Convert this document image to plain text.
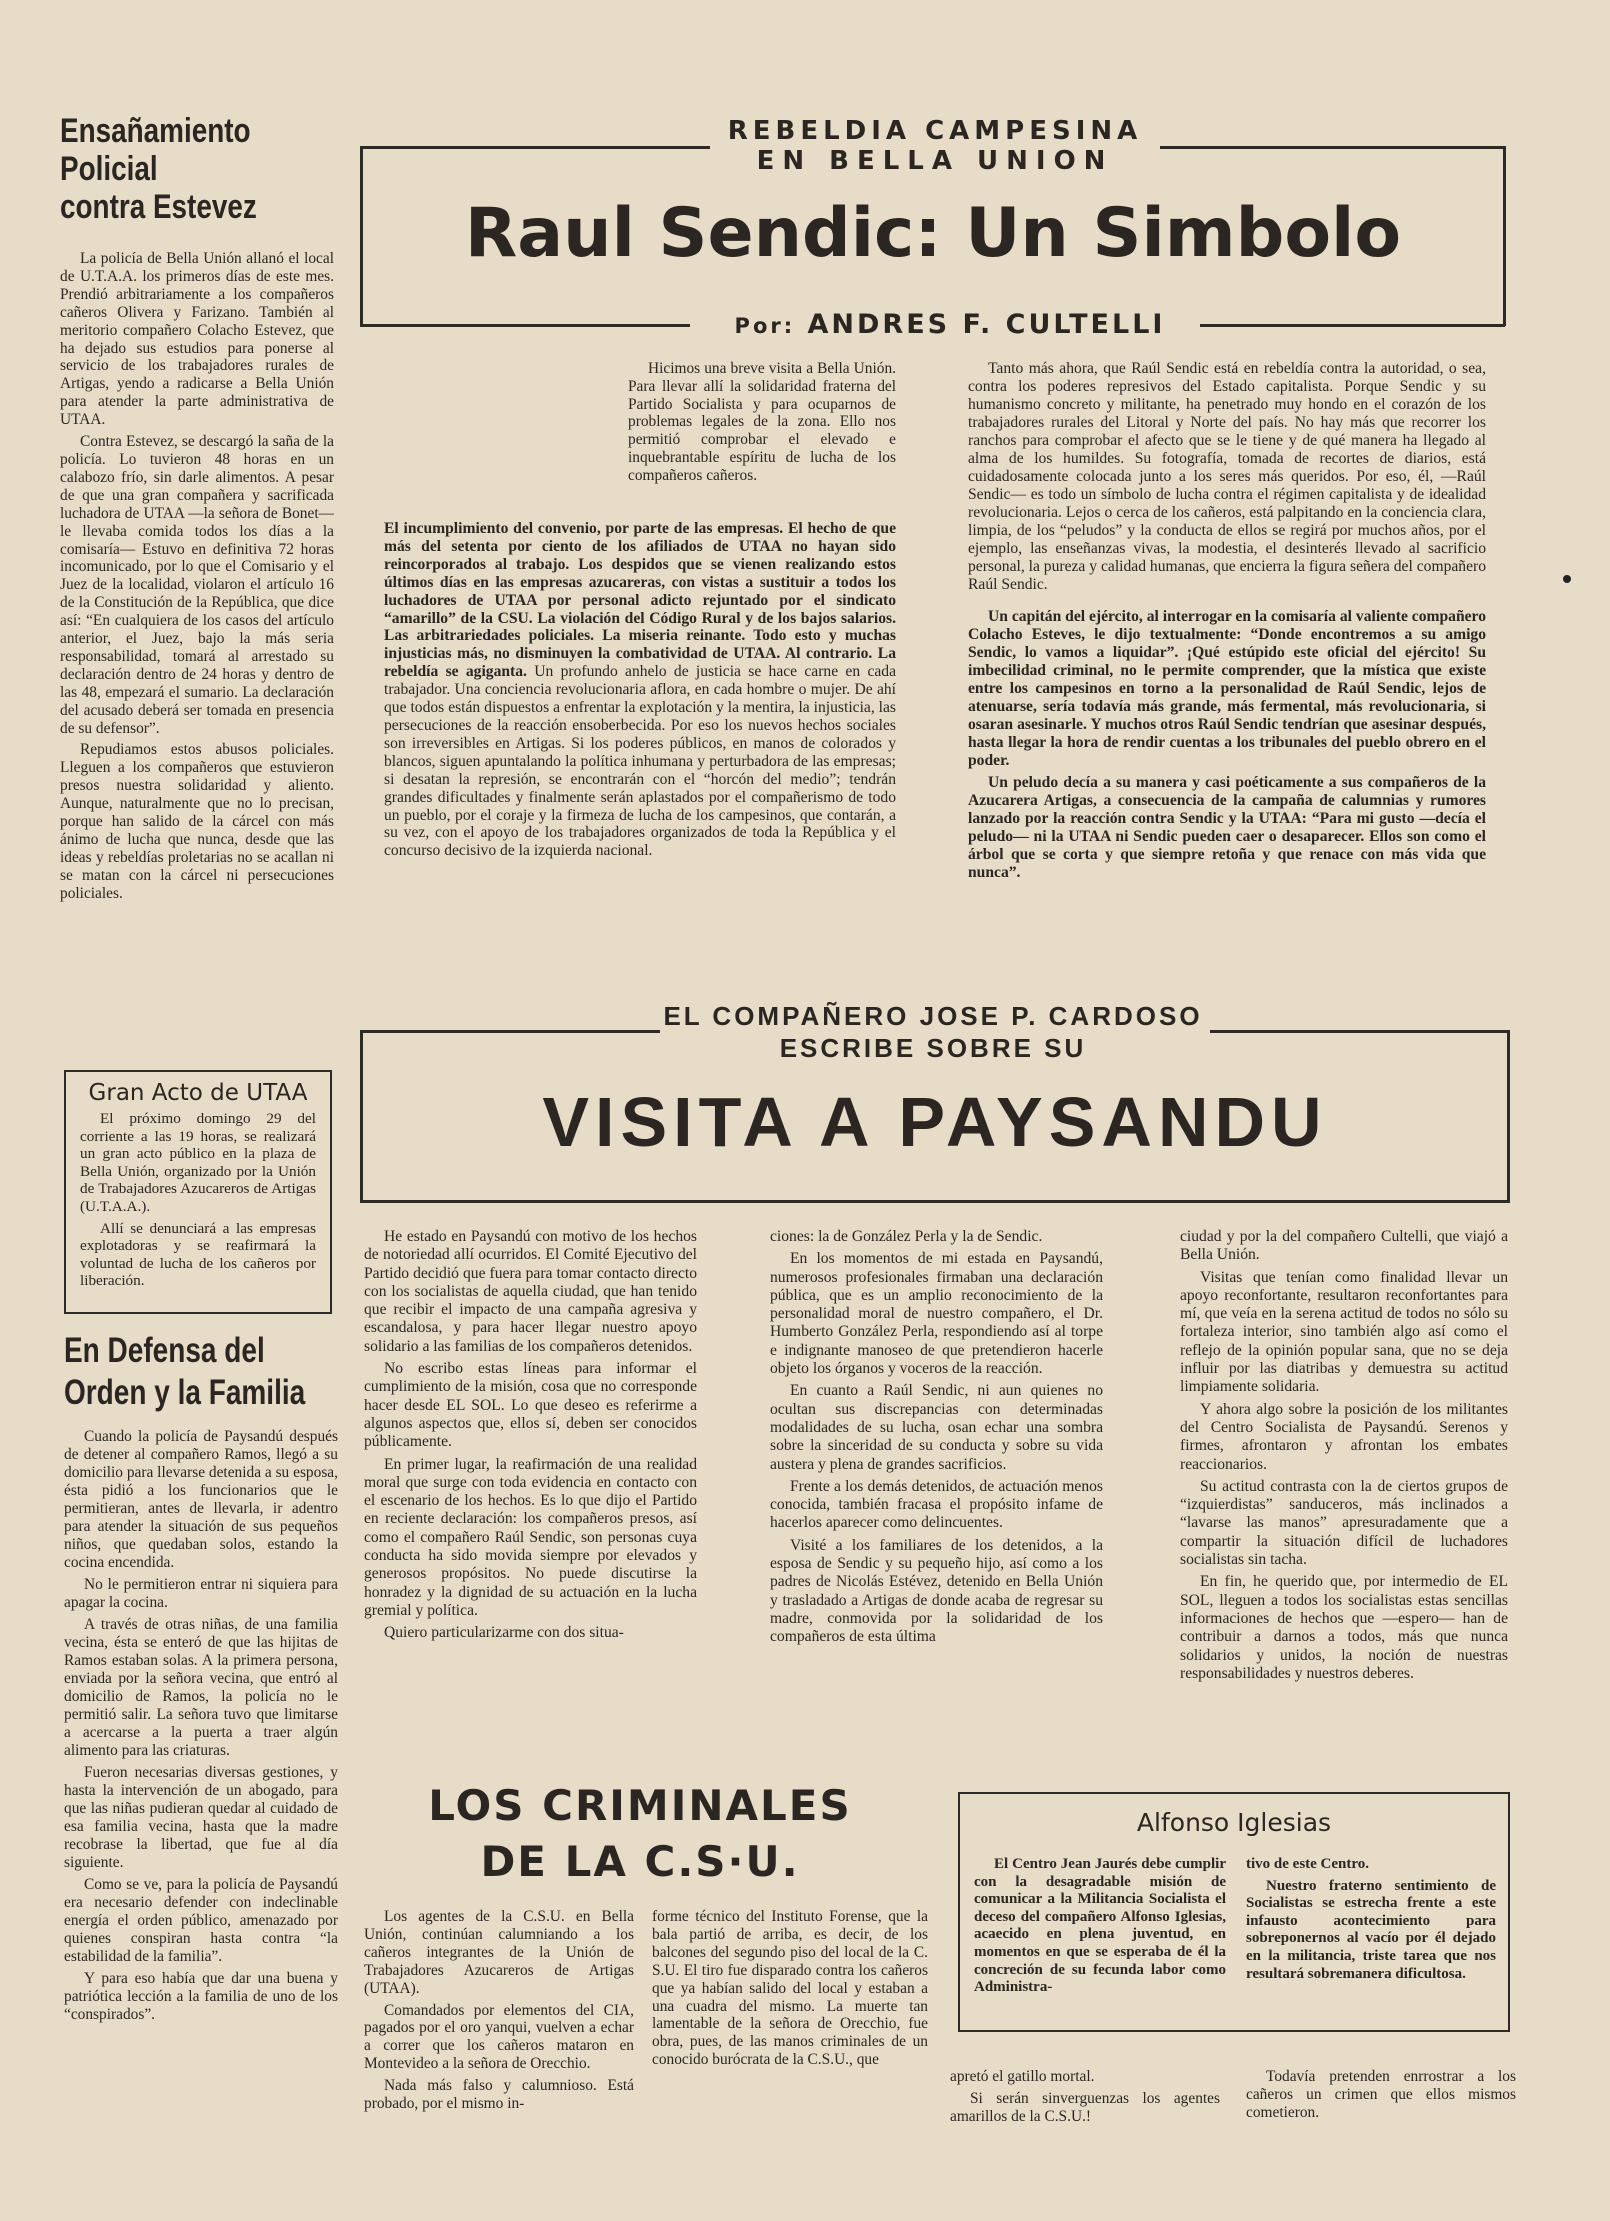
Ensañamiento
Policial
contra Estevez

La policía de Bella Unión allanó el local de U.T.A.A. los primeros días de este mes. Prendió arbitrariamente a los compañeros cañeros Olivera y Farizano. También al meritorio compañero Colacho Estevez, que ha dejado sus estudios para ponerse al servicio de los trabajadores rurales de Artigas, yendo a radicarse a Bella Unión para atender la parte administrativa de UTAA.

Contra Estevez, se descargó la saña de la policía. Lo tuvieron 48 horas en un calabozo frío, sin darle alimentos. A pesar de que una gran compañera y sacrificada luchadora de UTAA —la señora de Bonet— le llevaba comida todos los días a la comisaría— Estuvo en definitiva 72 horas incomunicado, por lo que el Comisario y el Juez de la localidad, violaron el artículo 16 de la Constitución de la República, que dice así: “En cualquiera de los casos del artículo anterior, el Juez, bajo la más seria responsabilidad, tomará al arrestado su declaración dentro de 24 horas y dentro de las 48, empezará el sumario. La declaración del acusado deberá ser tomada en presencia de su defensor”.

Repudiamos estos abusos policiales. Lleguen a los compañeros que estuvieron presos nuestra solidaridad y aliento. Aunque, naturalmente que no lo precisan, porque han salido de la cárcel con más ánimo de lucha que nunca, desde que las ideas y rebeldías proletarias no se acallan ni se matan con la cárcel ni persecuciones policiales.

Gran Acto de UTAA

El próximo domingo 29 del corriente a las 19 horas, se realizará un gran acto público en la plaza de Bella Unión, organizado por la Unión de Trabajadores Azucareros de Artigas (U.T.A.A.).

Allí se denunciará a las empresas explotadoras y se reafirmará la voluntad de lucha de los cañeros por liberación.

En Defensa del
Orden y la Familia

Cuando la policía de Paysandú después de detener al compañero Ramos, llegó a su domicilio para llevarse detenida a su esposa, ésta pidió a los funcionarios que le permitieran, antes de llevarla, ir adentro para atender la situación de sus pequeños niños, que quedaban solos, estando la cocina encendida.

No le permitieron entrar ni siquiera para apagar la cocina.

A través de otras niñas, de una familia vecina, ésta se enteró de que las hijitas de Ramos estaban solas. A la primera persona, enviada por la señora vecina, que entró al domicilio de Ramos, la policía no le permitió salir. La señora tuvo que limitarse a acercarse a la puerta a traer algún alimento para las criaturas.

Fueron necesarias diversas gestiones, y hasta la intervención de un abogado, para que las niñas pudieran quedar al cuidado de esa familia vecina, hasta que la madre recobrase la libertad, que fue al día siguiente.

Como se ve, para la policía de Paysandú era necesario defender con indeclinable energía el orden público, amenazado por quienes conspiran hasta contra “la estabilidad de la familia”.

Y para eso había que dar una buena y patriótica lección a la familia de uno de los “conspirados”.

REBELDIA CAMPESINA
EN BELLA UNION
Raul Sendic: Un Simbolo
Por: ANDRES F. CULTELLI

Hicimos una breve visita a Bella Unión. Para llevar allí la solidaridad fraterna del Partido Socialista y para ocuparnos de problemas legales de la zona. Ello nos permitió comprobar el elevado e inquebrantable espíritu de lucha de los compañeros cañeros.

El incumplimiento del convenio, por parte de las empresas. El hecho de que más del setenta por ciento de los afiliados de UTAA no hayan sido reincorporados al trabajo. Los despidos que se vienen realizando estos últimos días en las empresas azucareras, con vistas a sustituir a todos los luchadores de UTAA por personal adicto rejuntado por el sindicato “amarillo” de la CSU. La violación del Código Rural y de los bajos salarios. Las arbitrariedades policiales. La miseria reinante. Todo esto y muchas injusticias más, no disminuyen la combatividad de UTAA. Al contrario. La rebeldía se agiganta. Un profundo anhelo de justicia se hace carne en cada trabajador. Una conciencia revolucionaria aflora, en cada hombre o mujer. De ahí que todos están dispuestos a enfrentar la explotación y la mentira, la injusticia, las persecuciones de la reacción ensoberbecida. Por eso los nuevos hechos sociales son irreversibles en Artigas. Si los poderes públicos, en manos de colorados y blancos, siguen apuntalando la política inhumana y perturbadora de las empresas; si desatan la represión, se encontrarán con el “horcón del medio”; tendrán grandes dificultades y finalmente serán aplastados por el compañerismo de todo un pueblo, por el coraje y la firmeza de lucha de los campesinos, que contarán, a su vez, con el apoyo de los trabajadores organizados de toda la República y el concurso decisivo de la izquierda nacional.

Tanto más ahora, que Raúl Sendic está en rebeldía contra la autoridad, o sea, contra los poderes represivos del Estado capitalista. Porque Sendic y su humanismo concreto y militante, ha penetrado muy hondo en el corazón de los trabajadores rurales del Litoral y Norte del país. No hay más que recorrer los ranchos para comprobar el afecto que se le tiene y de qué manera ha llegado al alma de los humildes. Su fotografía, tomada de recortes de diarios, está cuidadosamente colocada junto a los seres más queridos. Por eso, él, —Raúl Sendic— es todo un símbolo de lucha contra el régimen capitalista y de idealidad revolucionaria. Lejos o cerca de los cañeros, está palpitando en la conciencia clara, limpia, de los “peludos” y la conducta de ellos se regirá por muchos años, por el ejemplo, las enseñanzas vivas, la modestia, el desinterés llevado al sacrificio personal, la pureza y calidad humanas, que encierra la figura señera del compañero Raúl Sendic.

Un capitán del ejército, al interrogar en la comisaría al valiente compañero Colacho Esteves, le dijo textualmente: “Donde encontremos a su amigo Sendic, lo vamos a liquidar”. ¡Qué estúpido este oficial del ejército! Su imbecilidad criminal, no le permite comprender, que la mística que existe entre los campesinos en torno a la personalidad de Raúl Sendic, lejos de atenuarse, sería todavía más grande, más fermental, más revolucionaria, si osaran asesinarle. Y muchos otros Raúl Sendic tendrían que asesinar después, hasta llegar la hora de rendir cuentas a los tribunales del pueblo obrero en el poder.

Un peludo decía a su manera y casi poéticamente a sus compañeros de la Azucarera Artigas, a consecuencia de la campaña de calumnias y rumores lanzado por la reacción contra Sendic y la UTAA: “Para mi gusto —decía el peludo— ni la UTAA ni Sendic pueden caer o desaparecer. Ellos son como el árbol que se corta y que siempre retoña y que renace con más vida que nunca”.

EL COMPAÑERO JOSE P. CARDOSO
ESCRIBE SOBRE SU
VISITA A PAYSANDU

He estado en Paysandú con motivo de los hechos de notoriedad allí ocurridos. El Comité Ejecutivo del Partido decidió que fuera para tomar contacto directo con los socialistas de aquella ciudad, que han tenido que recibir el impacto de una campaña agresiva y escandalosa, y para hacer llegar nuestro apoyo solidario a las familias de los compañeros detenidos.

No escribo estas líneas para informar el cumplimiento de la misión, cosa que no corresponde hacer desde EL SOL. Lo que deseo es referirme a algunos aspectos que, ellos sí, deben ser conocidos públicamente.

En primer lugar, la reafirmación de una realidad moral que surge con toda evidencia en contacto con el escenario de los hechos. Es lo que dijo el Partido en reciente declaración: los compañeros presos, así como el compañero Raúl Sendic, son personas cuya conducta ha sido movida siempre por elevados y generosos propósitos. No puede discutirse la honradez y la dignidad de su actuación en la lucha gremial y política.

Quiero particularizarme con dos situa-

ciones: la de González Perla y la de Sendic.

En los momentos de mi estada en Paysandú, numerosos profesionales firmaban una declaración pública, que es un amplio reconocimiento de la personalidad moral de nuestro compañero, el Dr. Humberto González Perla, respondiendo así al torpe e indignante manoseo de que pretendieron hacerle objeto los órganos y voceros de la reacción.

En cuanto a Raúl Sendic, ni aun quienes no ocultan sus discrepancias con determinadas modalidades de su lucha, osan echar una sombra sobre la sinceridad de su conducta y sobre su vida austera y plena de grandes sacrificios.

Frente a los demás detenidos, de actuación menos conocida, también fracasa el propósito infame de hacerlos aparecer como delincuentes.

Visité a los familiares de los detenidos, a la esposa de Sendic y su pequeño hijo, así como a los padres de Nicolás Estévez, detenido en Bella Unión y trasladado a Artigas de donde acaba de regresar su madre, conmovida por la solidaridad de los compañeros de esta última

ciudad y por la del compañero Cultelli, que viajó a Bella Unión.

Visitas que tenían como finalidad llevar un apoyo reconfortante, resultaron reconfortantes para mí, que veía en la serena actitud de todos no sólo su fortaleza interior, sino también algo así como el reflejo de la opinión popular sana, que no se deja influir por las diatribas y demuestra su actitud limpiamente solidaria.

Y ahora algo sobre la posición de los militantes del Centro Socialista de Paysandú. Serenos y firmes, afrontaron y afrontan los embates reaccionarios.

Su actitud contrasta con la de ciertos grupos de “izquierdistas” sanduceros, más inclinados a “lavarse las manos” apresuradamente que a compartir la situación difícil de luchadores socialistas sin tacha.

En fin, he querido que, por intermedio de EL SOL, lleguen a todos los socialistas estas sencillas informaciones de hechos que —espero— han de contribuir a darnos a todos, más que nunca solidarios y unidos, la noción de nuestras responsabilidades y nuestros deberes.

LOS CRIMINALES
DE LA C.S·U.

Los agentes de la C.S.U. en Bella Unión, continúan calumniando a los cañeros integrantes de la Unión de Trabajadores Azucareros de Artigas (UTAA).

Comandados por elementos del CIA, pagados por el oro yanqui, vuelven a echar a correr que los cañeros mataron en Montevideo a la señora de Orecchio.

Nada más falso y calumnioso. Está probado, por el mismo in-

forme técnico del Instituto Forense, que la bala partió de arriba, es decir, de los balcones del segundo piso del local de la C. S.U. El tiro fue disparado contra los cañeros que ya habían salido del local y estaban a una cuadra del mismo. La muerte tan lamentable de la señora de Orecchio, fue obra, pues, de las manos criminales de un conocido burócrata de la C.S.U., que

apretó el gatillo mortal.

Si serán sinverguenzas los agentes amarillos de la C.S.U.!

Todavía pretenden enrrostrar a los cañeros un crimen que ellos mismos cometieron.

Alfonso Iglesias

El Centro Jean Jaurés debe cumplir con la desagradable misión de comunicar a la Militancia Socialista el deceso del compañero Alfonso Iglesias, acaecido en plena juventud, en momentos en que se esperaba de él la concreción de su fecunda labor como Administra-

tivo de este Centro.

Nuestro fraterno sentimiento de Socialistas se estrecha frente a este infausto acontecimiento para sobreponernos al vacío por él dejado en la militancia, triste tarea que nos resultará sobremanera dificultosa.
